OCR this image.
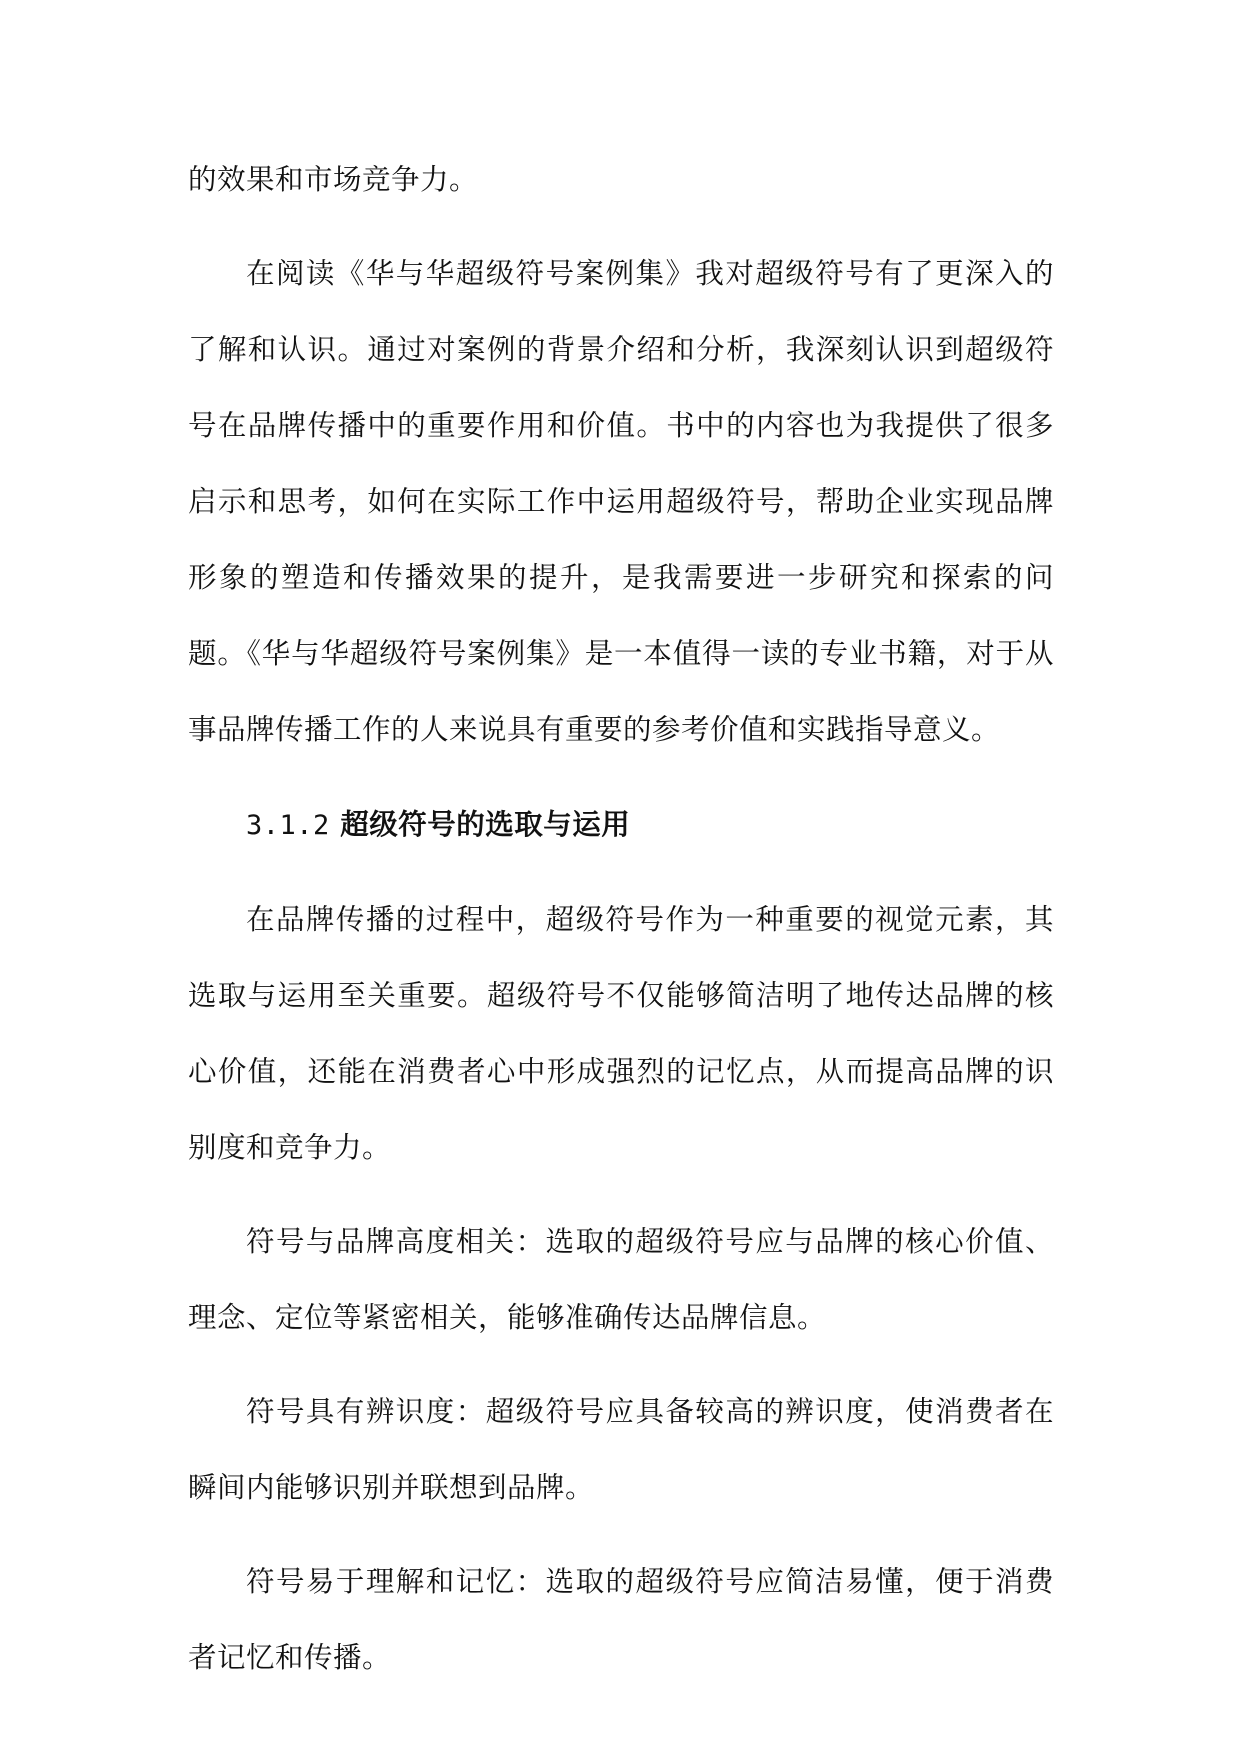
的效果和市场竞争力。

在阅读《华与华超级符号案例集》我对超级符号有了更深入的了解和认识。通过对案例的背景介绍和分析，我深刻认识到超级符号在品牌传播中的重要作用和价值。书中的内容也为我提供了很多启示和思考，如何在实际工作中运用超级符号，帮助企业实现品牌形象的塑造和传播效果的提升，是我需要进一步研究和探索的问题。《华与华超级符号案例集》是一本值得一读的专业书籍，对于从事品牌传播工作的人来说具有重要的参考价值和实践指导意义。

3.1.2 超级符号的选取与运用

在品牌传播的过程中，超级符号作为一种重要的视觉元素，其选取与运用至关重要。超级符号不仅能够简洁明了地传达品牌的核心价值，还能在消费者心中形成强烈的记忆点，从而提高品牌的识别度和竞争力。

符号与品牌高度相关：选取的超级符号应与品牌的核心价值、理念、定位等紧密相关，能够准确传达品牌信息。

符号具有辨识度：超级符号应具备较高的辨识度，使消费者在瞬间内能够识别并联想到品牌。

符号易于理解和记忆：选取的超级符号应简洁易懂，便于消费者记忆和传播。
